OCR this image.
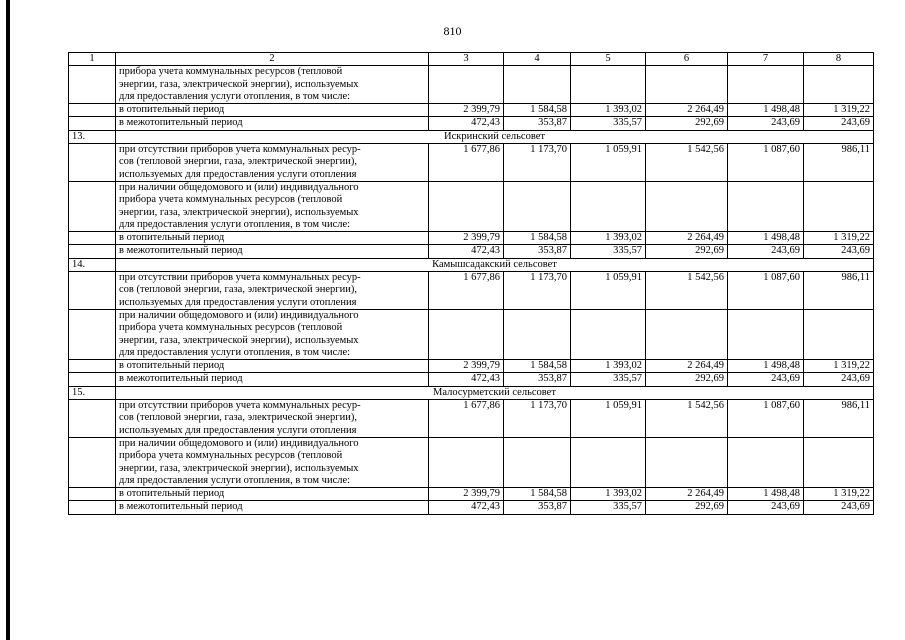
810
1	2	3	4	5	6	7	8

	прибора учета коммунальных ресурсов (тепловой
энергии, газа, электрической энергии), используемых
для предоставления услуги отопления, в том числе:						

	в отопительный период	2 399,79	1 584,58	1 393,02	2 264,49	1 498,48	1 319,22

	в межотопительный период	472,43	353,87	335,57	292,69	243,69	243,69
13.	Искринский сельсовет						

	при отсутствии приборов учета коммунальных ресур-
сов (тепловой энергии, газа, электрической энергии),
используемых для предоставления услуги отопления	1 677,86	1 173,70	1 059,91	1 542,56	1 087,60	986,11

	при наличии общедомового и (или) индивидуального
прибора учета коммунальных ресурсов (тепловой
энергии, газа, электрической энергии), используемых
для предоставления услуги отопления, в том числе:						

	в отопительный период	2 399,79	1 584,58	1 393,02	2 264,49	1 498,48	1 319,22

	в межотопительный период	472,43	353,87	335,57	292,69	243,69	243,69
14.	Камышсадакский сельсовет						

	при отсутствии приборов учета коммунальных ресур-
сов (тепловой энергии, газа, электрической энергии),
используемых для предоставления услуги отопления	1 677,86	1 173,70	1 059,91	1 542,56	1 087,60	986,11

	при наличии общедомового и (или) индивидуального
прибора учета коммунальных ресурсов (тепловой
энергии, газа, электрической энергии), используемых
для предоставления услуги отопления, в том числе:						

	в отопительный период	2 399,79	1 584,58	1 393,02	2 264,49	1 498,48	1 319,22

	в межотопительный период	472,43	353,87	335,57	292,69	243,69	243,69
15.	Малосурметский сельсовет						

	при отсутствии приборов учета коммунальных ресур-
сов (тепловой энергии, газа, электрической энергии),
используемых для предоставления услуги отопления	1 677,86	1 173,70	1 059,91	1 542,56	1 087,60	986,11

	при наличии общедомового и (или) индивидуального
прибора учета коммунальных ресурсов (тепловой
энергии, газа, электрической энергии), используемых
для предоставления услуги отопления, в том числе:						

	в отопительный период	2 399,79	1 584,58	1 393,02	2 264,49	1 498,48	1 319,22

	в межотопительный период	472,43	353,87	335,57	292,69	243,69	243,69
